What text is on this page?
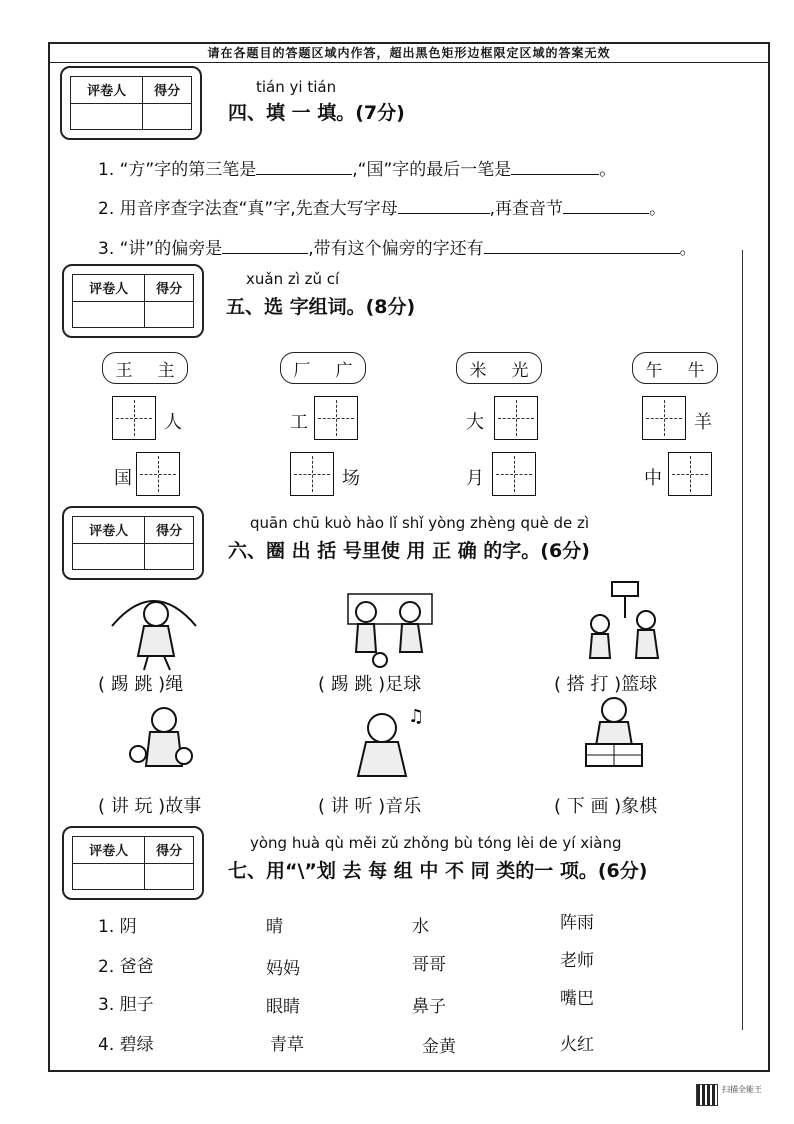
请在各题目的答题区域内作答，超出黑色矩形边框限定区域的答案无效
评卷人	得分
		tián yi tián
四、填 一 填。(7分)
1. “方”字的第三笔是	,“国”字的最后一笔是	。
2. 用音序查字法查“真”字,先查大写字母	,再查音节	。
3. “讲”的偏旁是	,带有这个偏旁的字还有	。
评卷人	得分

xuǎn zì zǔ cí
五、选 字组词。(8分)
王 主	厂 广	米 光	午 牛
人	工	大	羊
国	场	月	中
评卷人	得分
		quān chū kuò hào lǐ shǐ yòng zhèng què de zì
六、圈 出 括 号里使 用 正 确 的字。(6分)
( 踢 跳 )绳	( 踢 跳 )足球	( 搭 打 )篮球
♫
( 讲 玩 )故事	( 讲 听 )音乐	( 下 画 )象棋
评卷人	得分
		yòng huà qù měi zǔ zhǒng bù tóng lèi de yí xiàng
七、用“\”划 去 每 组 中 不 同 类的一 项。(6分)
1. 阴	晴	水	阵雨
2. 爸爸	妈妈	哥哥	老师
3. 胆子	眼睛	鼻子	嘴巴
4. 碧绿	青草	金黄	火红
扫描全能王
